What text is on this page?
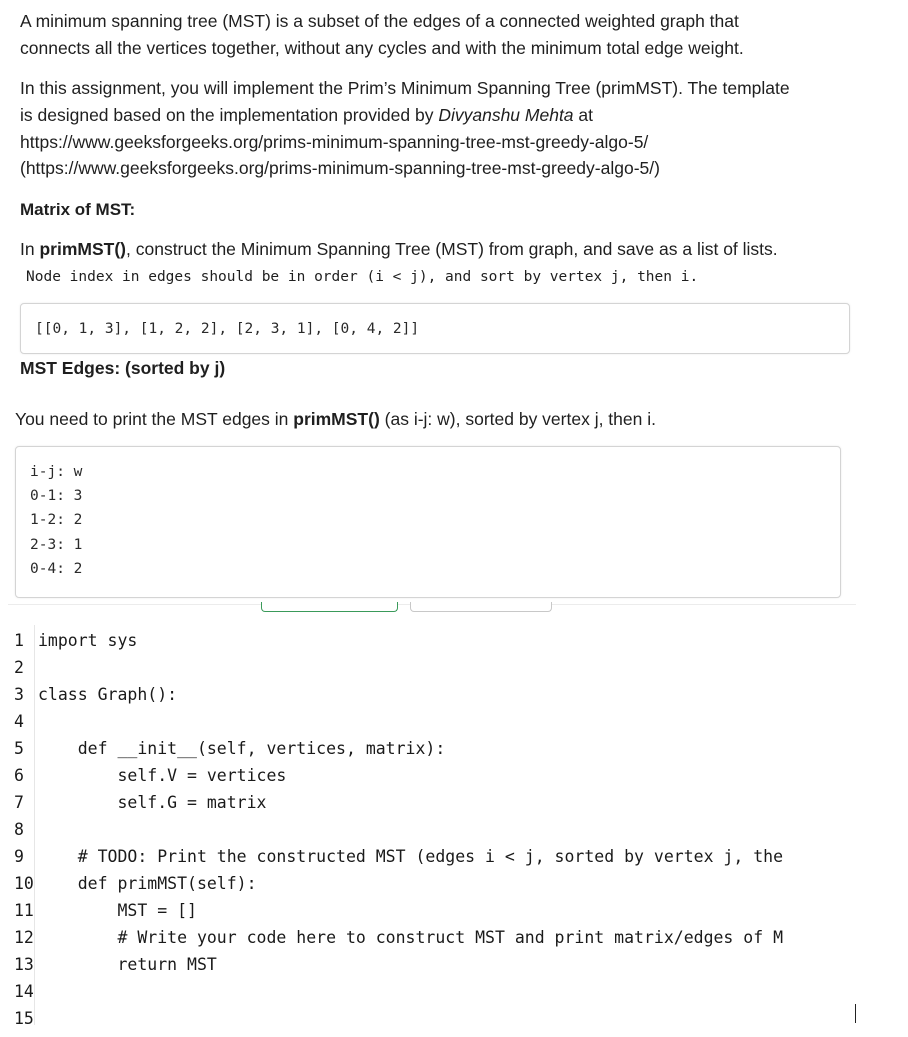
A minimum spanning tree (MST) is a subset of the edges of a connected weighted graph that

connects all the vertices together, without any cycles and with the minimum total edge weight.

In this assignment, you will implement the Prim’s Minimum Spanning Tree (primMST). The template

is designed based on the implementation provided by Divyanshu Mehta at

https://www.geeksforgeeks.org/prims-minimum-spanning-tree-mst-greedy-algo-5/

(https://www.geeksforgeeks.org/prims-minimum-spanning-tree-mst-greedy-algo-5/)

Matrix of MST:

In primMST(), construct the Minimum Spanning Tree (MST) from graph, and save as a list of lists.

Node index in edges should be in order (i < j), and sort by vertex j, then i.
[[0, 1, 3], [1, 2, 2], [2, 3, 1], [0, 4, 2]]

MST Edges: (sorted by j)

You need to print the MST edges in primMST() (as i-j: w), sorted by vertex j, then i.

i-j: w
0-1: 3
1-2: 2
2-3: 1
0-4: 2
1 import sys
2
3 class Graph():
4
5 def __init__(self, vertices, matrix):
6 self.V = vertices
7 self.G = matrix
8
9 # TODO: Print the constructed MST (edges i < j, sorted by vertex j, the
10 def primMST(self):
11 MST = []
12 # Write your code here to construct MST and print matrix/edges of M
13 return MST
14
15
